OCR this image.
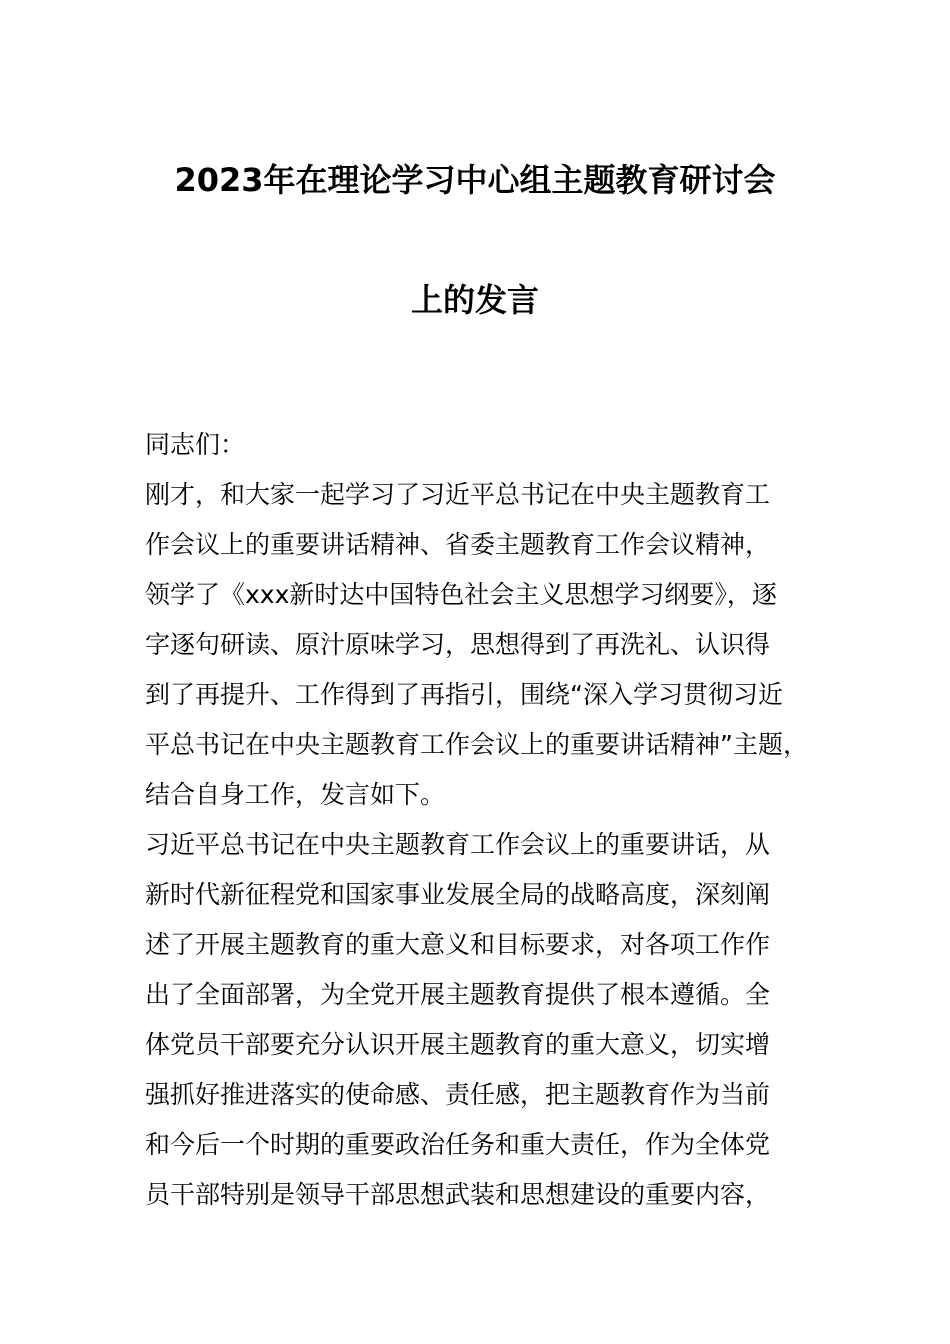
2023年在理论学习中心组主题教育研讨会
上的发言
同志们：
刚才，和大家一起学习了习近平总书记在中央主题教育工
作会议上的重要讲话精神、省委主题教育工作会议精神，
领学了《xxx新时达中国特色社会主义思想学习纲要》，逐
字逐句研读、原汁原味学习，思想得到了再洗礼、认识得
到了再提升、工作得到了再指引，围绕“深入学习贯彻习近
平总书记在中央主题教育工作会议上的重要讲话精神”主题，
结合自身工作，发言如下。
习近平总书记在中央主题教育工作会议上的重要讲话，从
新时代新征程党和国家事业发展全局的战略高度，深刻阐
述了开展主题教育的重大意义和目标要求，对各项工作作
出了全面部署，为全党开展主题教育提供了根本遵循。全
体党员干部要充分认识开展主题教育的重大意义，切实增
强抓好推进落实的使命感、责任感，把主题教育作为当前
和今后一个时期的重要政治任务和重大责任，作为全体党
员干部特别是领导干部思想武装和思想建设的重要内容，
